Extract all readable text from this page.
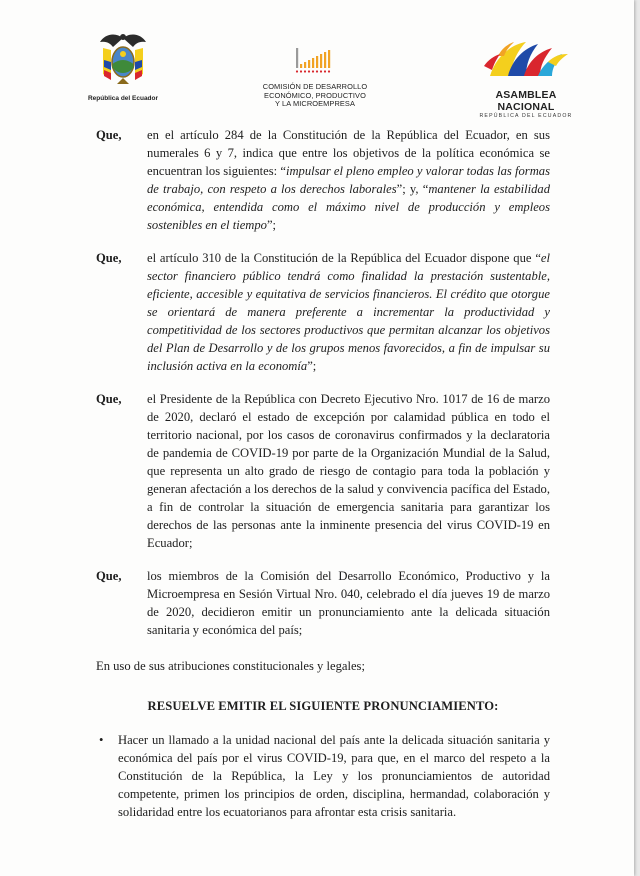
República del Ecuador
COMISIÓN DE DESARROLLO
ECONÓMICO, PRODUCTIVO
Y LA MICROEMPRESA
ASAMBLEA NACIONAL
REPÚBLICA DEL ECUADOR
Que, en el artículo 284 de la Constitución de la República del Ecuador, en sus numerales 6 y 7, indica que entre los objetivos de la política económica se encuentran los siguientes: “impulsar el pleno empleo y valorar todas las formas de trabajo, con respeto a los derechos laborales”; y, “mantener la estabilidad económica, entendida como el máximo nivel de producción y empleos sostenibles en el tiempo”;
Que, el artículo 310 de la Constitución de la República del Ecuador dispone que “el sector financiero público tendrá como finalidad la prestación sustentable, eficiente, accesible y equitativa de servicios financieros. El crédito que otorgue se orientará de manera preferente a incrementar la productividad y competitividad de los sectores productivos que permitan alcanzar los objetivos del Plan de Desarrollo y de los grupos menos favorecidos, a fin de impulsar su inclusión activa en la economía”;
Que, el Presidente de la República con Decreto Ejecutivo Nro. 1017 de 16 de marzo de 2020, declaró el estado de excepción por calamidad pública en todo el territorio nacional, por los casos de coronavirus confirmados y la declaratoria de pandemia de COVID-19 por parte de la Organización Mundial de la Salud, que representa un alto grado de riesgo de contagio para toda la población y generan afectación a los derechos de la salud y convivencia pacífica del Estado, a fin de controlar la situación de emergencia sanitaria para garantizar los derechos de las personas ante la inminente presencia del virus COVID-19 en Ecuador;
Que, los miembros de la Comisión del Desarrollo Económico, Productivo y la Microempresa en Sesión Virtual Nro. 040, celebrado el día jueves 19 de marzo de 2020, decidieron emitir un pronunciamiento ante la delicada situación sanitaria y económica del país;

En uso de sus atribuciones constitucionales y legales;

RESUELVE EMITIR EL SIGUIENTE PRONUNCIAMIENTO:
• Hacer un llamado a la unidad nacional del país ante la delicada situación sanitaria y económica del país por el virus COVID-19, para que, en el marco del respeto a la Constitución de la República, la Ley y los pronunciamientos de autoridad competente, primen los principios de orden, disciplina, hermandad, colaboración y solidaridad entre los ecuatorianos para afrontar esta crisis sanitaria.
